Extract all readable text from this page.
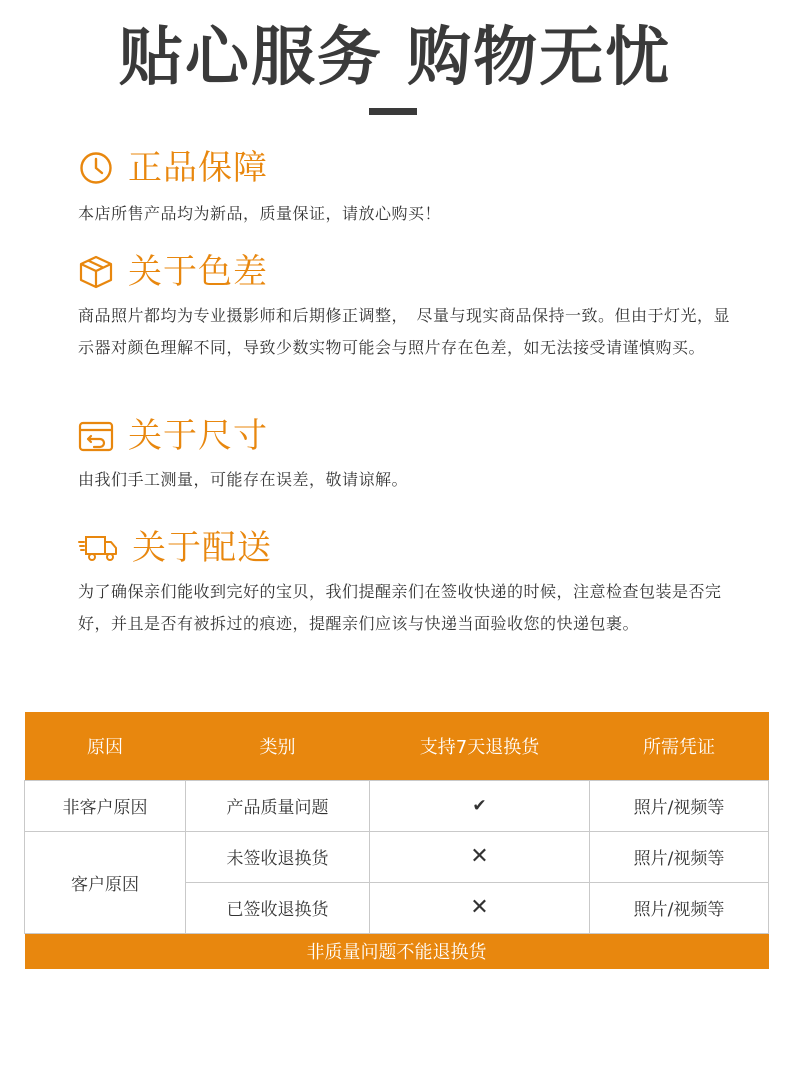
贴心服务 购物无忧
正品保障
本店所售产品均为新品，质量保证，请放心购买！
关于色差
商品照片都均为专业摄影师和后期修正调整，　尽量与现实商品保持一致。但由于灯光，显示器对颜色理解不同，导致少数实物可能会与照片存在色差，如无法接受请谨慎购买。
关于尺寸
由我们手工测量，可能存在误差，敬请谅解。
关于配送
为了确保亲们能收到完好的宝贝，我们提醒亲们在签收快递的时候，注意检查包装是否完好，并且是否有被拆过的痕迹，提醒亲们应该与快递当面验收您的快递包裹。
原因	类别	支持7天退换货	所需凭证
非客户原因	产品质量问题	✔	照片/视频等
客户原因	未签收退换货	✕	照片/视频等
	已签收退换货	✕	照片/视频等
非质量问题不能退换货			
